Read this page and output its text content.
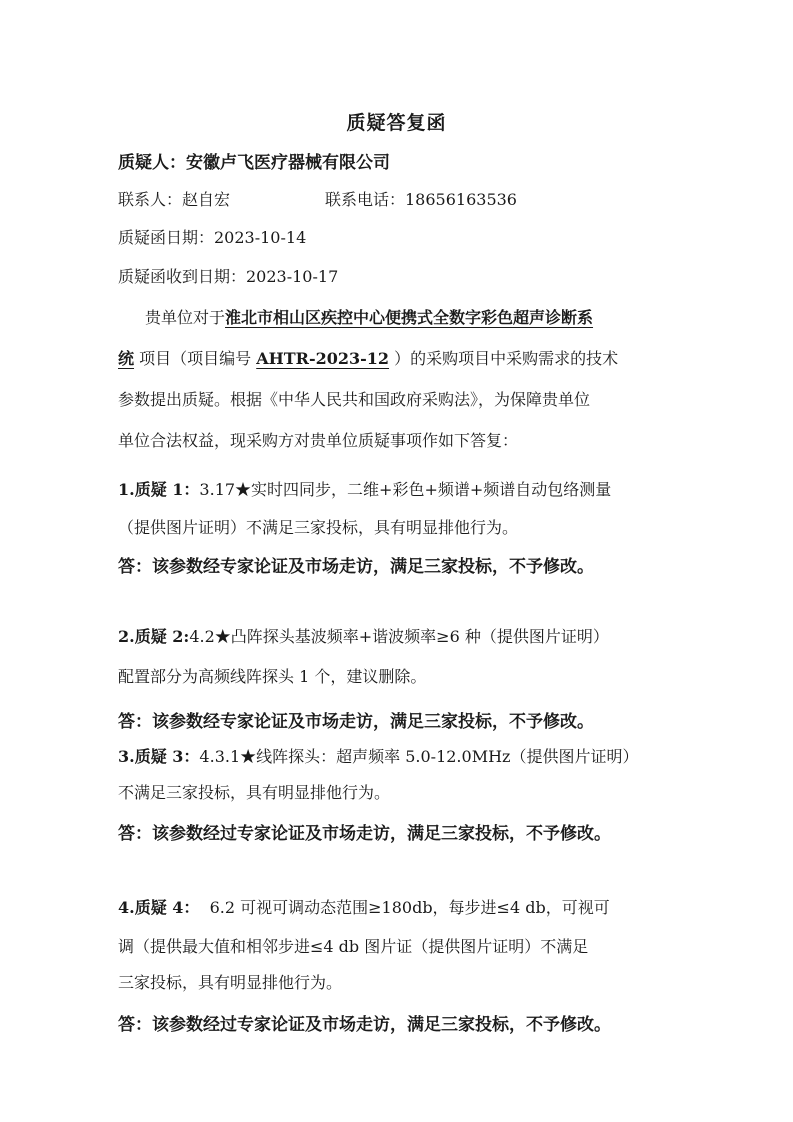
质疑答复函
质疑人：安徽卢飞医疗器械有限公司
联系人：赵自宏	联系电话：18656163536
质疑函日期：2023-10-14
质疑函收到日期：2023-10-17
贵单位对于淮北市相山区疾控中心便携式全数字彩色超声诊断系
统 项目（项目编号 AHTR-2023-12 ）的采购项目中采购需求的技术
参数提出质疑。根据《中华人民共和国政府采购法》，为保障贵单位
单位合法权益，现采购方对贵单位质疑事项作如下答复：
1.质疑 1：3.17★实时四同步，二维+彩色+频谱+频谱自动包络测量
（提供图片证明）不满足三家投标，具有明显排他行为。
答：该参数经专家论证及市场走访，满足三家投标，不予修改。
2.质疑 2:4.2★凸阵探头基波频率+谐波频率≥6 种（提供图片证明）
配置部分为高频线阵探头 1 个，建议删除。
答：该参数经专家论证及市场走访，满足三家投标，不予修改。
3.质疑 3：4.3.1★线阵探头：超声频率 5.0-12.0MHz（提供图片证明）
不满足三家投标，具有明显排他行为。
答：该参数经过专家论证及市场走访，满足三家投标，不予修改。
4.质疑 4： 6.2 可视可调动态范围≥180db，每步进≤4 db，可视可
调（提供最大值和相邻步进≤4 db 图片证（提供图片证明）不满足
三家投标，具有明显排他行为。
答：该参数经过专家论证及市场走访，满足三家投标，不予修改。
